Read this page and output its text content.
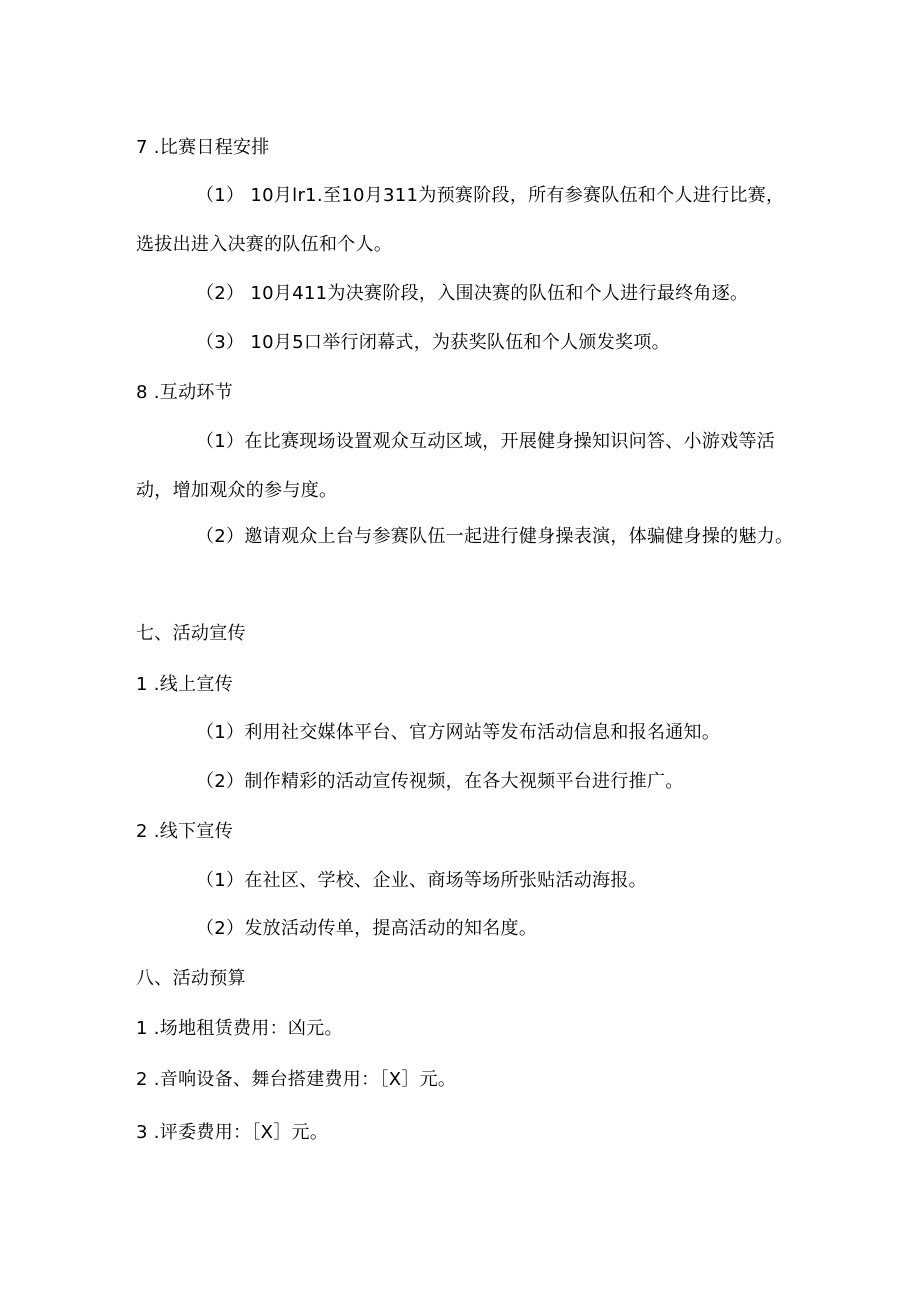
7 .比赛日程安排
（1） 10月lr1.至10月311为预赛阶段，所有参赛队伍和个人进行比赛，
选拔出进入决赛的队伍和个人。
（2） 10月411为决赛阶段，入围决赛的队伍和个人进行最终角逐。
（3） 10月5口举行闭幕式，为获奖队伍和个人颁发奖项。
8 .互动环节
（1）在比赛现场设置观众互动区域，开展健身操知识问答、小游戏等活
动，增加观众的参与度。
（2）邀请观众上台与参赛队伍一起进行健身操表演，体骗健身操的魅力。
七、活动宣传
1 .线上宣传
（1）利用社交媒体平台、官方网站等发布活动信息和报名通知。
（2）制作精彩的活动宣传视频，在各大视频平台进行推广。
2 .线下宣传
（1）在社区、学校、企业、商场等场所张贴活动海报。
（2）发放活动传单，提高活动的知名度。
八、活动预算
1 .场地租赁费用：凶元。
2 .音响设备、舞台搭建费用：［X］元。
3 .评委费用：［X］元。
